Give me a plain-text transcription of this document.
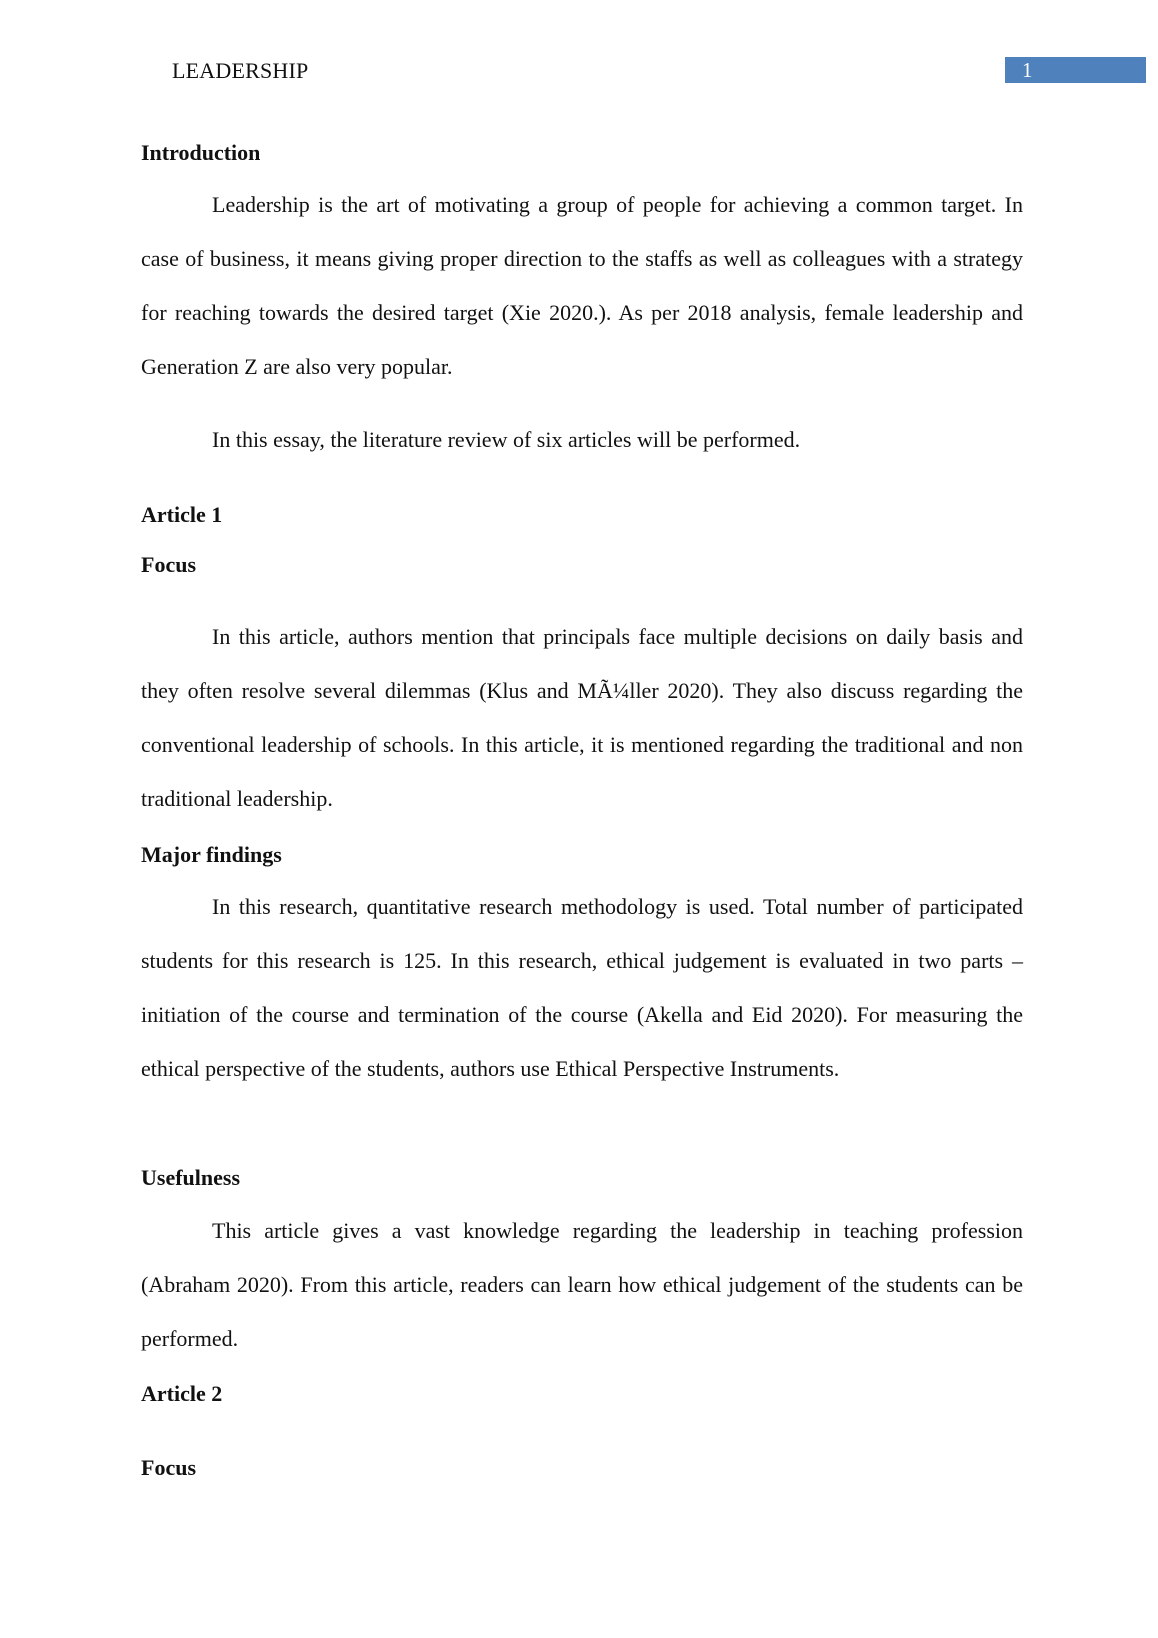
LEADERSHIP	1
Introduction

Leadership is the art of motivating a group of people for achieving a common target. In case of business, it means giving proper direction to the staffs as well as colleagues with a strategy for reaching towards the desired target (Xie 2020.). As per 2018 analysis, female leadership and Generation Z are also very popular.

In this essay, the literature review of six articles will be performed.

Article 1
Focus

In this article, authors mention that principals face multiple decisions on daily basis and they often resolve several dilemmas (Klus and MÃ¼ller 2020). They also discuss regarding the conventional leadership of schools. In this article, it is mentioned regarding the traditional and non traditional leadership.

Major findings

In this research, quantitative research methodology is used. Total number of participated students for this research is 125. In this research, ethical judgement is evaluated in two parts – initiation of the course and termination of the course (Akella and Eid 2020). For measuring the ethical perspective of the students, authors use Ethical Perspective Instruments.

Usefulness

This article gives a vast knowledge regarding the leadership in teaching profession (Abraham 2020). From this article, readers can learn how ethical judgement of the students can be performed.

Article 2
Focus
